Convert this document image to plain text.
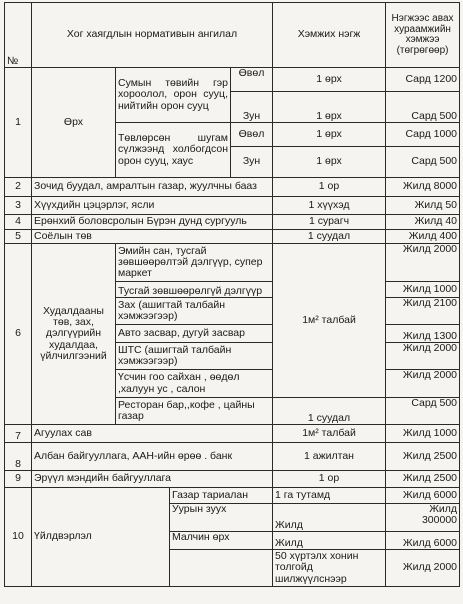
№	Хог хаягдлын нормативын ангилал				Хэмжих нэгж	Нэгжээс авах хураамжийн хэмжээ (төгрөгөөр)
1	Өрх	Сумын төвийн гэр хороолол, орон сууц, нийтийн орон сууц		Өвөл	1 өрх	Сард 1200
				Зун	1 өрх	Сард 500
		Төвлөрсөн шугам сүлжээнд холбогдсон орон сууц, хаус		Өвөл	1 өрх	Сард 1000
				Зун	1 өрх	Сард 500
2	Зочид буудал, амралтын газар, жуулчны бааз				1 ор	Жилд 8000
3	Хүүхдийн цэцэрлэг, ясли				1 хүүхэд	Жилд 50
4	Ерөнхий боловсролын Бүрэн дунд сургууль				1 сурагч	Жилд 40
5	Соёлын төв				1 суудал	Жилд 400
6	Худалдааны төв, зах, дэлгүүрийн худалдаа, үйлчилгээний	Эмийн сан, тусгай зөвшөөрөлтэй дэлгүүр, супер маркет			1м² талбай	Жилд 2000
		Тусгай зөвшөөрөлгүй дэлгүүр				Жилд 1000
		Зах (ашигтай талбайн хэмжээгээр)				Жилд 2100
		Авто засвар, дугуй засвар				Жилд 1300
		ШТС (ашигтай талбайн хэмжээгээр)				Жилд 2000
		Үсчин гоо сайхан , өөдөл ,халуун ус , салон				Жилд 2000
		Ресторан бар,,кофе , цайны газар			1 суудал	Сард 500
7	Агуулах сав				1м² талбай	Жилд 1000
8	Албан байгууллага, ААН-ийн өрөө . банк				1 ажилтан	Жилд 2500
9	Эрүүл мэндийн байгууллага				1 ор	Жилд 2500
10	Үйлдвэрлэл		Газар тариалан		1 га тутамд	Жилд 6000
			Уурын зуух		Жилд	Жилд
300000

			Малчин өрх		Жилд	Жилд 6000
					50 хүртэлх хонин толгойд шилжүүлснээр	Жилд 2000
